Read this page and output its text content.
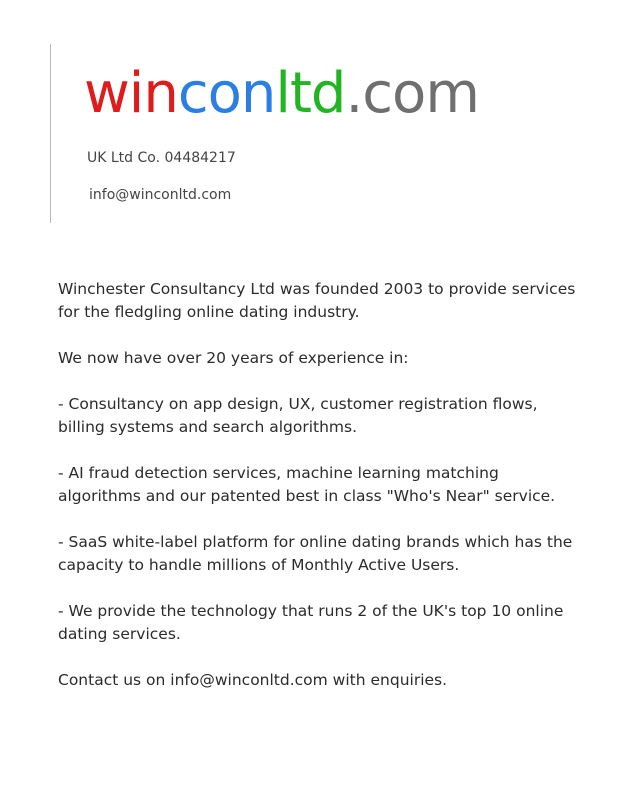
winconltd.com
UK Ltd Co. 04484217
info@winconltd.com

Winchester Consultancy Ltd was founded 2003 to provide services for the fledgling online dating industry.

We now have over 20 years of experience in:

- Consultancy on app design, UX, customer registration flows, billing systems and search algorithms.

- AI fraud detection services, machine learning matching algorithms and our patented best in class "Who's Near" service.

- SaaS white-label platform for online dating brands which has the capacity to handle millions of Monthly Active Users.

- We provide the technology that runs 2 of the UK's top 10 online dating services.

Contact us on info@winconltd.com with enquiries.
